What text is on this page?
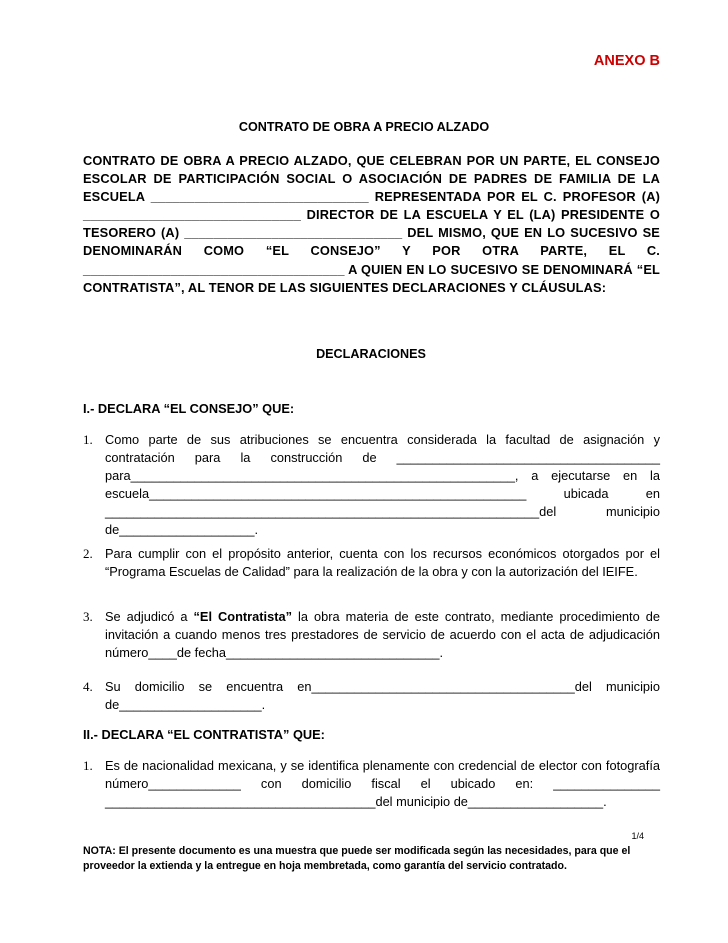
ANEXO B
CONTRATO DE OBRA A PRECIO ALZADO
CONTRATO DE OBRA A PRECIO ALZADO, QUE CELEBRAN POR UN PARTE, EL CONSEJO ESCOLAR DE PARTICIPACIÓN SOCIAL O ASOCIACIÓN DE PADRES DE FAMILIA DE LA ESCUELA ______________________________ REPRESENTADA POR EL C. PROFESOR (A) ______________________________ DIRECTOR DE LA ESCUELA Y EL (LA) PRESIDENTE O TESORERO (A) ______________________________ DEL MISMO, QUE EN LO SUCESIVO SE DENOMINARÁN COMO “EL CONSEJO” Y POR OTRA PARTE, EL C. ____________________________________ A QUIEN EN LO SUCESIVO SE DENOMINARÁ “EL CONTRATISTA”, AL TENOR DE LAS SIGUIENTES DECLARACIONES Y CLÁUSULAS:
DECLARACIONES
I.- DECLARA “EL CONSEJO” QUE:
1. Como parte de sus atribuciones se encuentra considerada la facultad de asignación y contratación para la construcción de _____________________________________ para______________________________________________________, a ejecutarse en la escuela_____________________________________________________ ubicada en _____________________________________________________________del municipio de___________________.
2. Para cumplir con el propósito anterior, cuenta con los recursos económicos otorgados por el “Programa Escuelas de Calidad” para la realización de la obra y con la autorización del IEIFE.
3. Se adjudicó a “El Contratista” la obra materia de este contrato, mediante procedimiento de invitación a cuando menos tres prestadores de servicio de acuerdo con el acta de adjudicación número____de fecha______________________________.
4. Su domicilio se encuentra en_____________________________________del municipio de____________________.
II.- DECLARA “EL CONTRATISTA” QUE:
1. Es de nacionalidad mexicana, y se identifica plenamente con credencial de elector con fotografía número_____________ con domicilio fiscal el ubicado en: _______________ ______________________________________del municipio de___________________.
1/4
NOTA: El presente documento es una muestra que puede ser modificada según las necesidades, para que el proveedor la extienda y la entregue en hoja membretada, como garantía del servicio contratado.
